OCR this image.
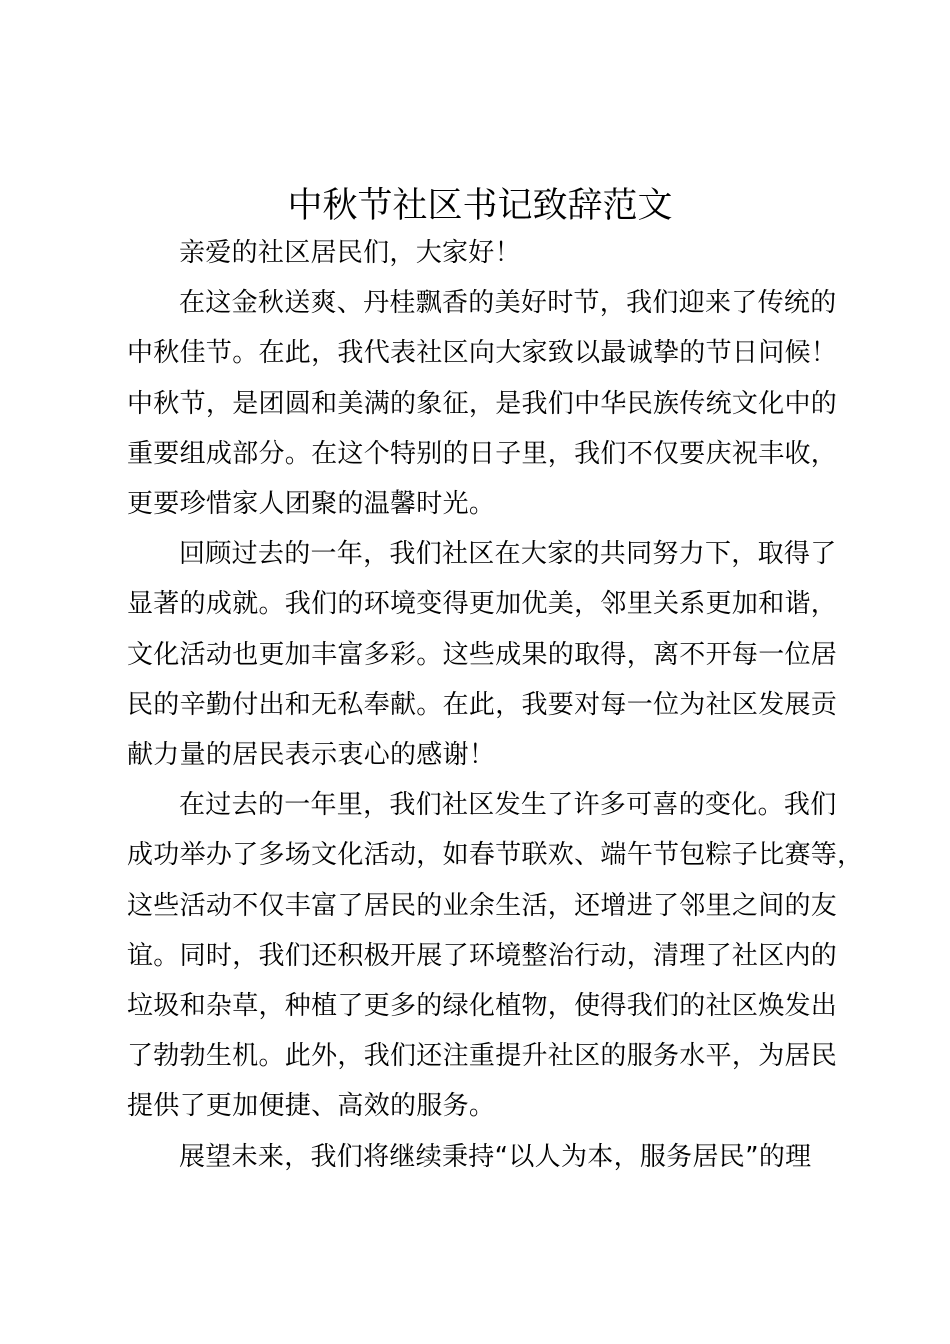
中秋节社区书记致辞范文
亲爱的社区居民们，大家好！
在这金秋送爽、丹桂飘香的美好时节，我们迎来了传统的
中秋佳节。在此，我代表社区向大家致以最诚挚的节日问候！
中秋节，是团圆和美满的象征，是我们中华民族传统文化中的
重要组成部分。在这个特别的日子里，我们不仅要庆祝丰收，
更要珍惜家人团聚的温馨时光。
回顾过去的一年，我们社区在大家的共同努力下，取得了
显著的成就。我们的环境变得更加优美，邻里关系更加和谐，
文化活动也更加丰富多彩。这些成果的取得，离不开每一位居
民的辛勤付出和无私奉献。在此，我要对每一位为社区发展贡
献力量的居民表示衷心的感谢！
在过去的一年里，我们社区发生了许多可喜的变化。我们
成功举办了多场文化活动，如春节联欢、端午节包粽子比赛等，
这些活动不仅丰富了居民的业余生活，还增进了邻里之间的友
谊。同时，我们还积极开展了环境整治行动，清理了社区内的
垃圾和杂草，种植了更多的绿化植物，使得我们的社区焕发出
了勃勃生机。此外，我们还注重提升社区的服务水平，为居民
提供了更加便捷、高效的服务。
展望未来，我们将继续秉持“以人为本，服务居民”的理
